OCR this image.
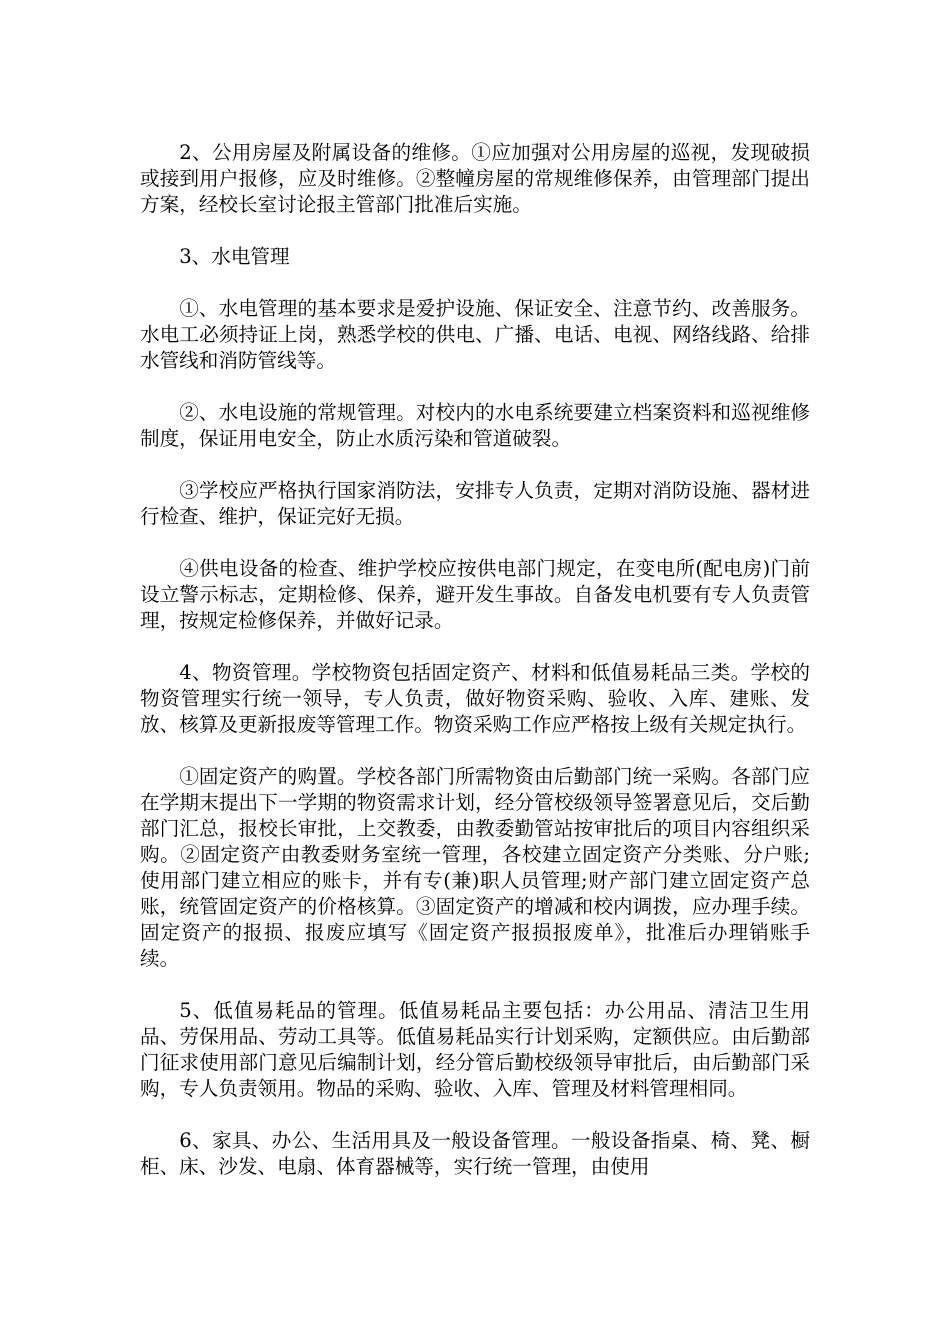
2、公用房屋及附属设备的维修。①应加强对公用房屋的巡视，发现破损或接到用户报修，应及时维修。②整幢房屋的常规维修保养，由管理部门提出方案，经校长室讨论报主管部门批准后实施。

3、水电管理

①、水电管理的基本要求是爱护设施、保证安全、注意节约、改善服务。水电工必须持证上岗，熟悉学校的供电、广播、电话、电视、网络线路、给排水管线和消防管线等。

②、水电设施的常规管理。对校内的水电系统要建立档案资料和巡视维修制度，保证用电安全，防止水质污染和管道破裂。

③学校应严格执行国家消防法，安排专人负责，定期对消防设施、器材进行检查、维护，保证完好无损。

④供电设备的检查、维护学校应按供电部门规定，在变电所(配电房)门前设立警示标志，定期检修、保养，避开发生事故。自备发电机要有专人负责管理，按规定检修保养，并做好记录。

4、物资管理。学校物资包括固定资产、材料和低值易耗品三类。学校的物资管理实行统一领导，专人负责，做好物资采购、验收、入库、建账、发放、核算及更新报废等管理工作。物资采购工作应严格按上级有关规定执行。

①固定资产的购置。学校各部门所需物资由后勤部门统一采购。各部门应在学期末提出下一学期的物资需求计划，经分管校级领导签署意见后，交后勤部门汇总，报校长审批，上交教委，由教委勤管站按审批后的项目内容组织采购。②固定资产由教委财务室统一管理，各校建立固定资产分类账、分户账;使用部门建立相应的账卡，并有专(兼)职人员管理;财产部门建立固定资产总账，统管固定资产的价格核算。③固定资产的增减和校内调拨，应办理手续。固定资产的报损、报废应填写《固定资产报损报废单》，批准后办理销账手续。

5、低值易耗品的管理。低值易耗品主要包括：办公用品、清洁卫生用品、劳保用品、劳动工具等。低值易耗品实行计划采购，定额供应。由后勤部门征求使用部门意见后编制计划，经分管后勤校级领导审批后，由后勤部门采购，专人负责领用。物品的采购、验收、入库、管理及材料管理相同。

6、家具、办公、生活用具及一般设备管理。一般设备指桌、椅、凳、橱柜、床、沙发、电扇、体育器械等，实行统一管理，由使用
